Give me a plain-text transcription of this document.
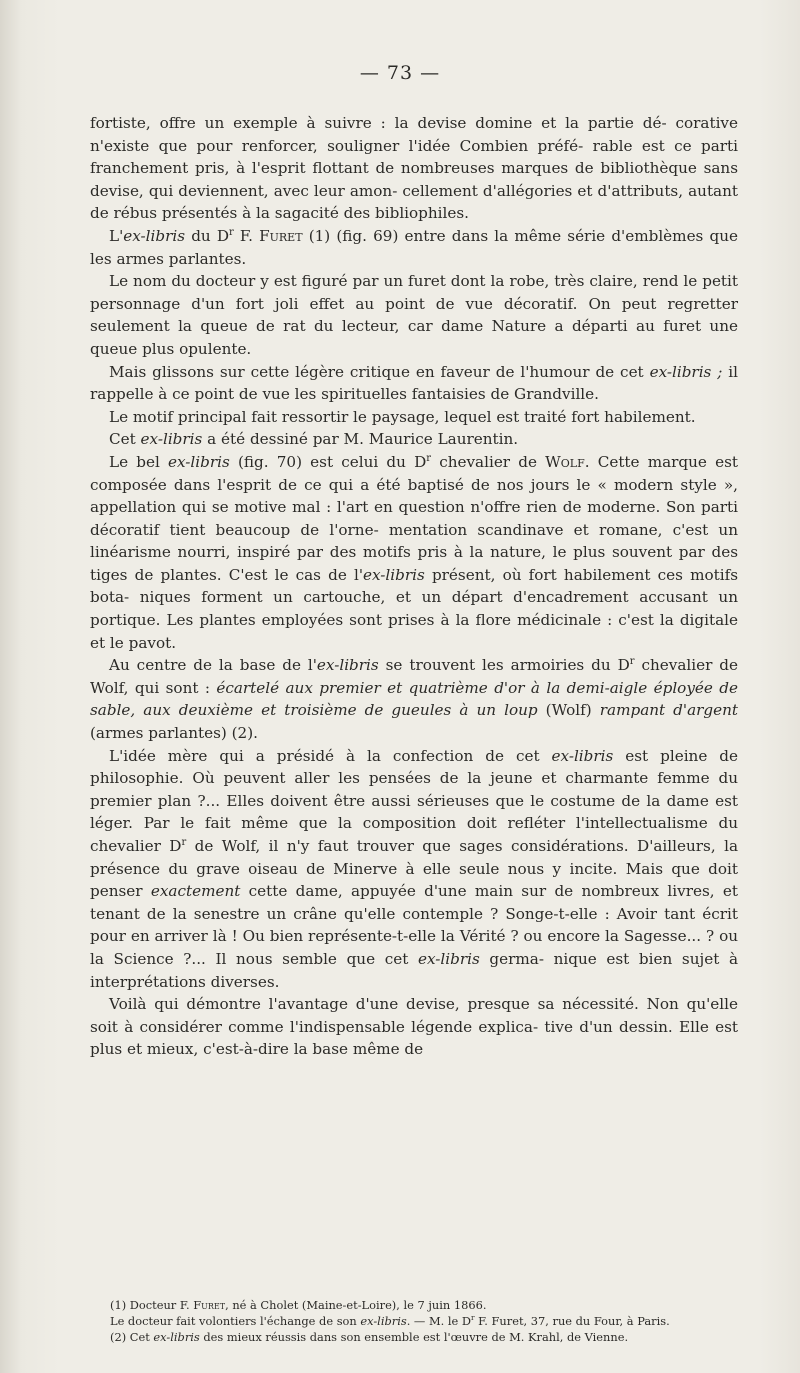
— 73 —

fortiste, offre un exemple à suivre : la devise domine et la partie dé- corative n'existe que pour renforcer, souligner l'idée Combien préfé- rable est ce parti franchement pris, à l'esprit flottant de nombreuses marques de bibliothèque sans devise, qui deviennent, avec leur amon- cellement d'allégories et d'attributs, autant de rébus présentés à la sagacité des bibliophiles.

L'ex-libris du $D^r$ F. Furet (1) (fig. 69) entre dans la même série d'emblèmes que les armes parlantes.

Le nom du docteur y est figuré par un furet dont la robe, très claire, rend le petit personnage d'un fort joli effet au point de vue décoratif. On peut regretter seulement la queue de rat du lecteur, car dame Nature a départi au furet une queue plus opulente.

Mais glissons sur cette légère critique en faveur de l'humour de cet ex-libris ; il rappelle à ce point de vue les spirituelles fantaisies de Grandville.

Le motif principal fait ressortir le paysage, lequel est traité fort habilement.

Cet ex-libris a été dessiné par M. Maurice Laurentin.

Le bel ex-libris (fig. 70) est celui du $D^r$ chevalier de Wolf. Cette marque est composée dans l'esprit de ce qui a été baptisé de nos jours le « modern style », appellation qui se motive mal : l'art en question n'offre rien de moderne. Son parti décoratif tient beaucoup de l'orne- mentation scandinave et romane, c'est un linéarisme nourri, inspiré par des motifs pris à la nature, le plus souvent par des tiges de plantes. C'est le cas de l'ex-libris présent, où fort habilement ces motifs bota- niques forment un cartouche, et un départ d'encadrement accusant un portique. Les plantes employées sont prises à la flore médicinale : c'est la digitale et le pavot.

Au centre de la base de l'ex-libris se trouvent les armoiries du $D^r$ chevalier de Wolf, qui sont : écartelé aux premier et quatrième d'or à la demi-aigle éployée de sable, aux deuxième et troisième de gueules à un loup (Wolf) rampant d'argent (armes parlantes) (2).

L'idée mère qui a présidé à la confection de cet ex-libris est pleine de philosophie. Où peuvent aller les pensées de la jeune et charmante femme du premier plan ?... Elles doivent être aussi sérieuses que le costume de la dame est léger. Par le fait même que la composition doit refléter l'intellectualisme du chevalier $D^r$ de Wolf, il n'y faut trouver que sages considérations. D'ailleurs, la présence du grave oiseau de Minerve à elle seule nous y incite. Mais que doit penser exactement cette dame, appuyée d'une main sur de nombreux livres, et tenant de la senestre un crâne qu'elle contemple ? Songe-t-elle : Avoir tant écrit pour en arriver là ! Ou bien représente-t-elle la Vérité ? ou encore la Sagesse... ? ou la Science ?... Il nous semble que cet ex-libris germa- nique est bien sujet à interprétations diverses.

Voilà qui démontre l'avantage d'une devise, presque sa nécessité. Non qu'elle soit à considérer comme l'indispensable légende explica- tive d'un dessin. Elle est plus et mieux, c'est-à-dire la base même de

(1) Docteur F. Furet, né à Cholet (Maine-et-Loire), le 7 juin 1866.

Le docteur fait volontiers l'échange de son ex-libris. — M. le $D^r$ F. Furet, 37, rue du Four, à Paris.

(2) Cet ex-libris des mieux réussis dans son ensemble est l'œuvre de M. Krahl, de Vienne.
